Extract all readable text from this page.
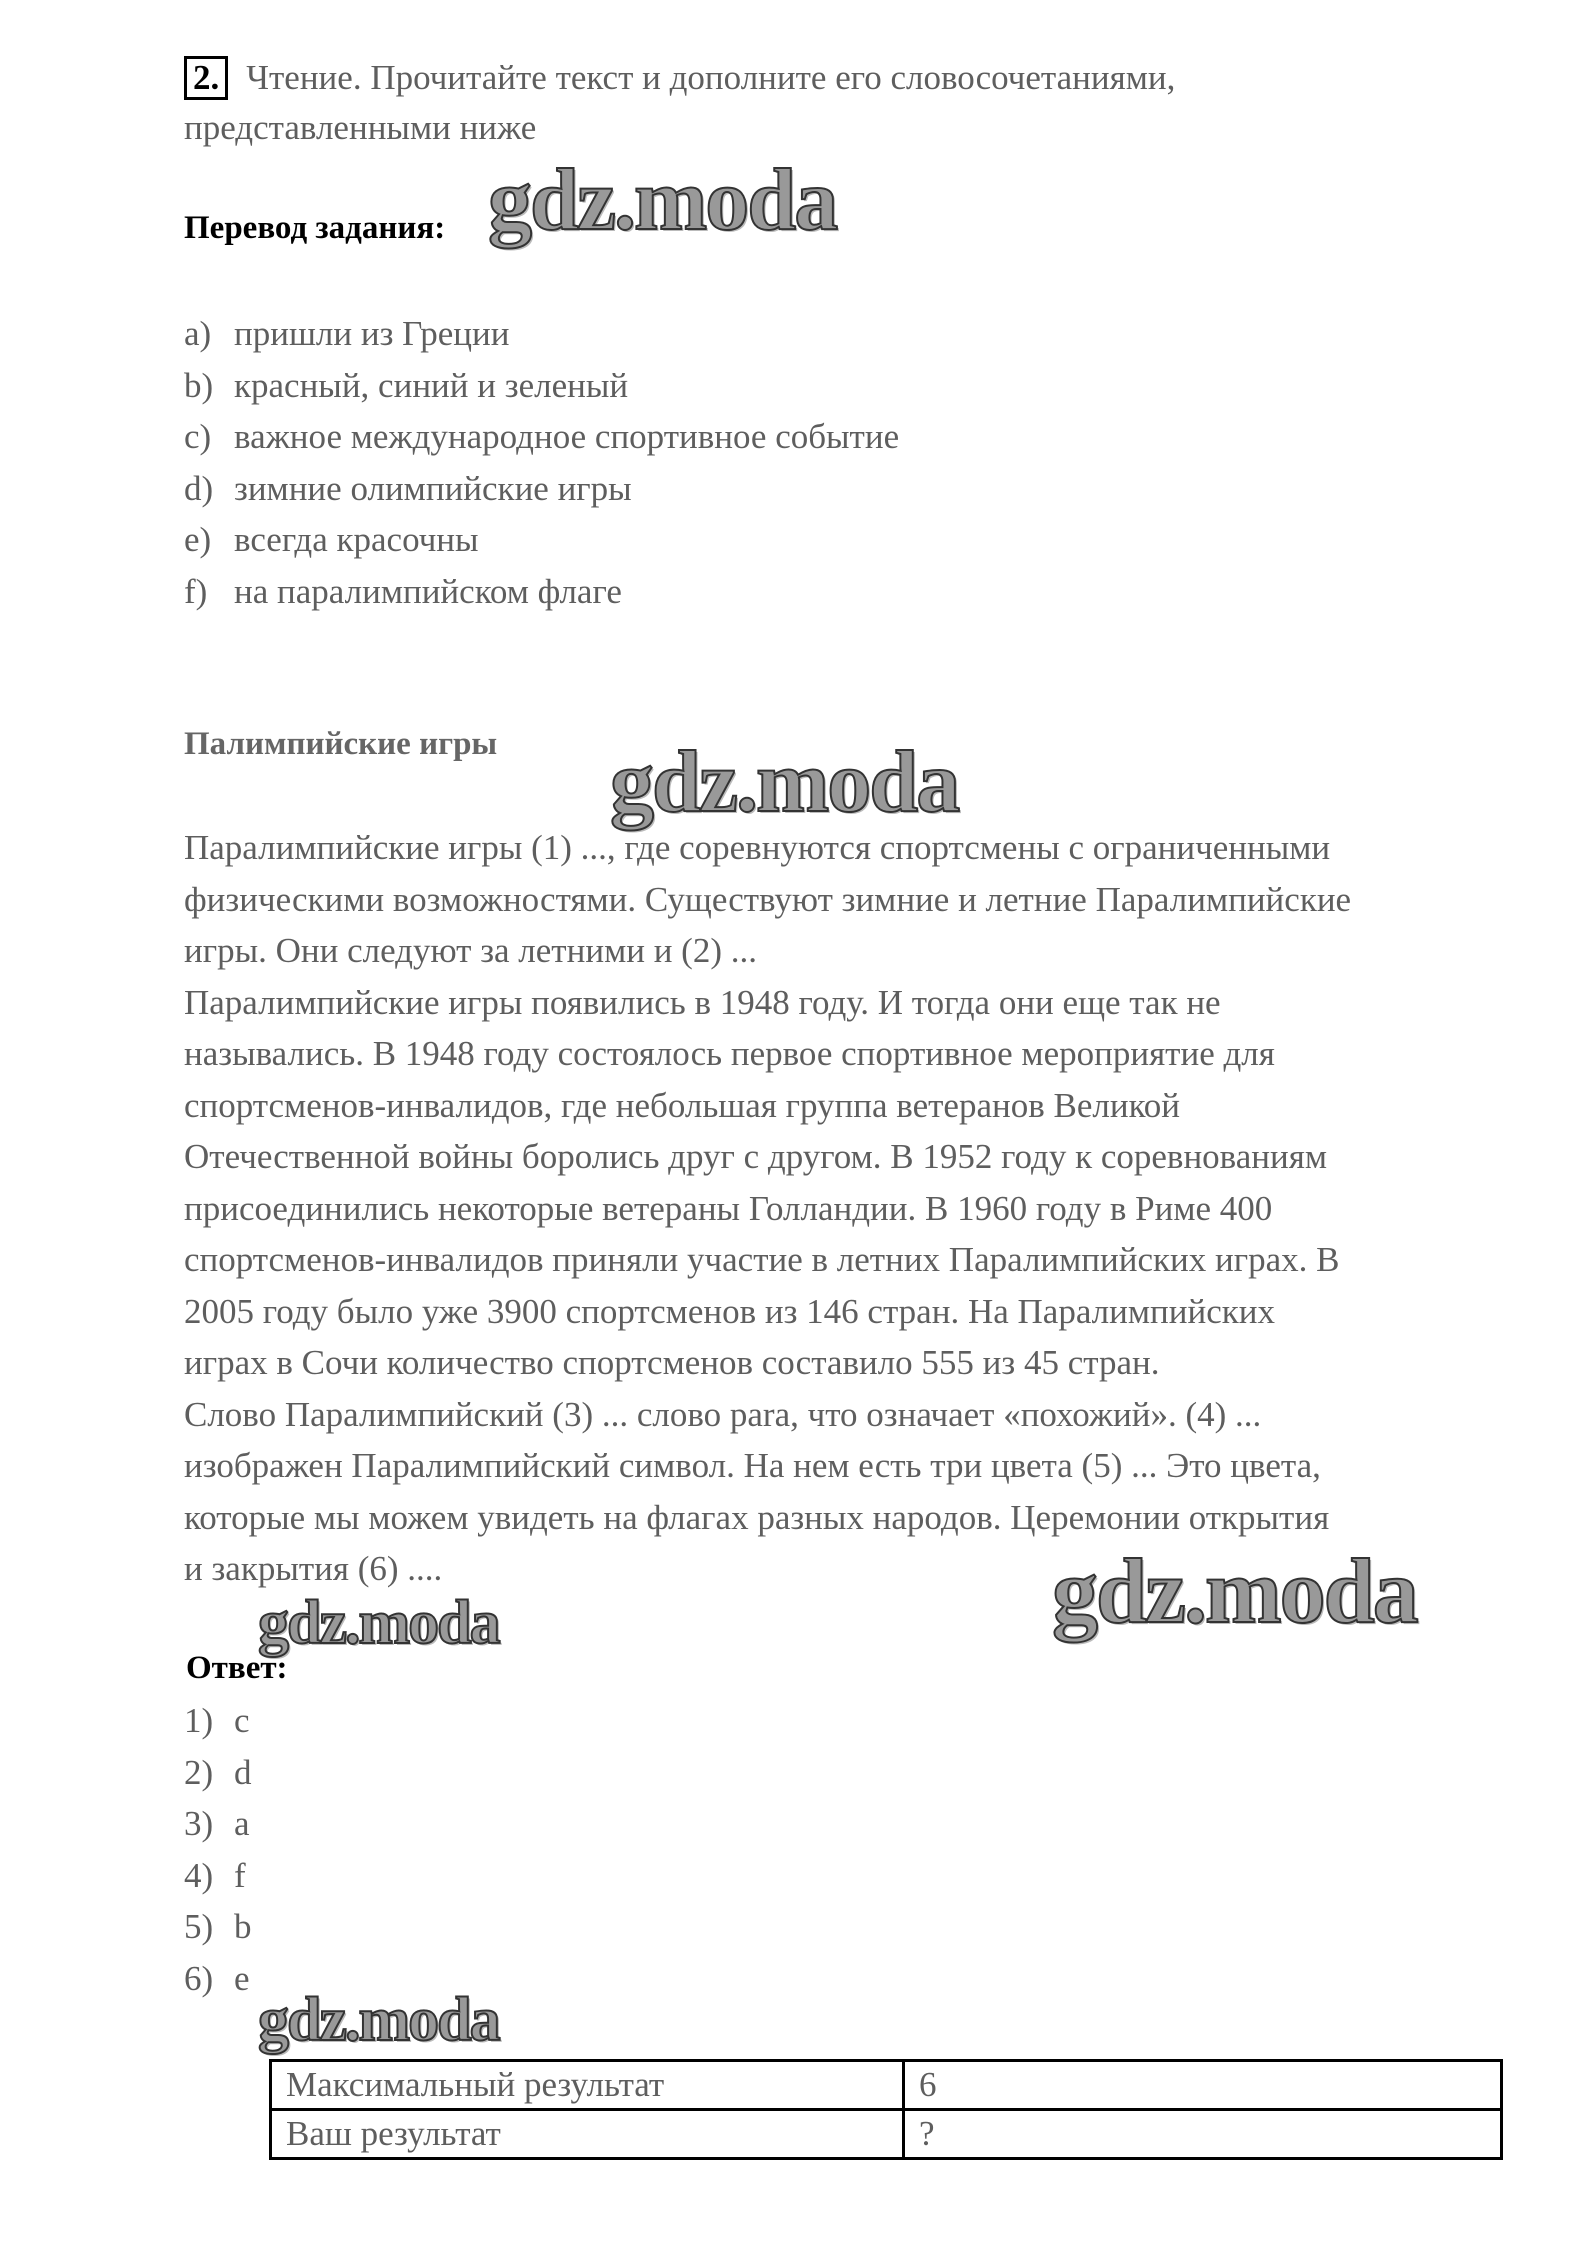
2. Чтение. Прочитайте текст и дополните его словосочетаниями,
представленными ниже
Перевод задания:
a) пришли из Греции
b) красный, синий и зеленый
c) важное международное спортивное событие
d) зимние олимпийские игры
e) всегда красочны
f) на паралимпийском флаге
Палимпийские игры
Паралимпийские игры (1) ..., где соревнуются спортсмены с ограниченными
физическими возможностями. Существуют зимние и летние Паралимпийские
игры. Они следуют за летними и (2) ...
Паралимпийские игры появились в 1948 году. И тогда они еще так не
назывались. В 1948 году состоялось первое спортивное мероприятие для
спортсменов-инвалидов, где небольшая группа ветеранов Великой
Отечественной войны боролись друг с другом. В 1952 году к соревнованиям
присоединились некоторые ветераны Голландии. В 1960 году в Риме 400
спортсменов-инвалидов приняли участие в летних Паралимпийских играх. В
2005 году было уже 3900 спортсменов из 146 стран. На Паралимпийских
играх в Сочи количество спортсменов составило 555 из 45 стран.
Слово Паралимпийский (3) ... слово para, что означает «похожий». (4) ...
изображен Паралимпийский символ. На нем есть три цвета (5) ... Это цвета,
которые мы можем увидеть на флагах разных народов. Церемонии открытия
и закрытия (6) ....
Ответ:
1) c
2) d
3) a
4) f
5) b
6) e
Максимальный результат	6
Ваш результат	?
gdz.moda
gdz.moda
gdz.moda
gdz.moda
gdz.moda
